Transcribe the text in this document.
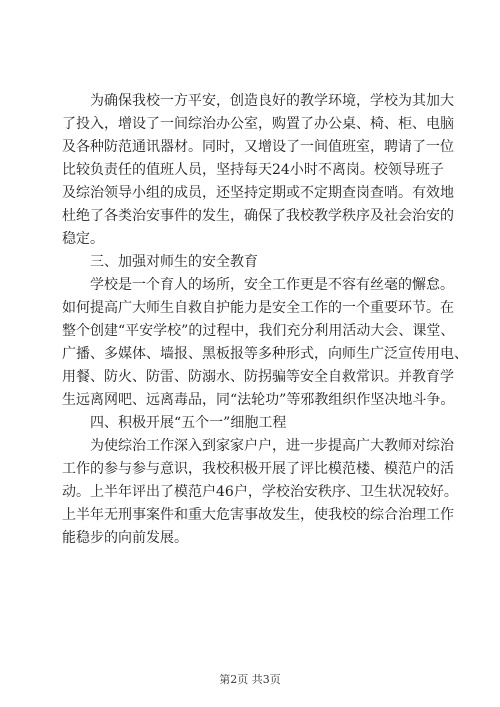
为确保我校一方平安，创造良好的教学环境，学校为其加大
了投入，增设了一间综治办公室，购置了办公桌、椅、柜、电脑
及各种防范通讯器材。同时，又增设了一间值班室，聘请了一位
比较负责任的值班人员，坚持每天24小时不离岗。校领导班子
及综治领导小组的成员，还坚持定期或不定期查岗查哨。有效地
杜绝了各类治安事件的发生，确保了我校教学秩序及社会治安的
稳定。
三、加强对师生的安全教育
学校是一个育人的场所，安全工作更是不容有丝毫的懈怠。
如何提高广大师生自救自护能力是安全工作的一个重要环节。在
整个创建“平安学校”的过程中，我们充分利用活动大会、课堂、
广播、多媒体、墙报、黑板报等多种形式，向师生广泛宣传用电、
用餐、防火、防雷、防溺水、防拐骗等安全自救常识。并教育学
生远离网吧、远离毒品，同“法轮功”等邪教组织作坚决地斗争。
四、积极开展“五个一”细胞工程
为使综治工作深入到家家户户，进一步提高广大教师对综治
工作的参与参与意识，我校积极开展了评比模范楼、模范户的活
动。上半年评出了模范户46户，学校治安秩序、卫生状况较好。
上半年无刑事案件和重大危害事故发生，使我校的综合治理工作
能稳步的向前发展。
第2页 共3页
